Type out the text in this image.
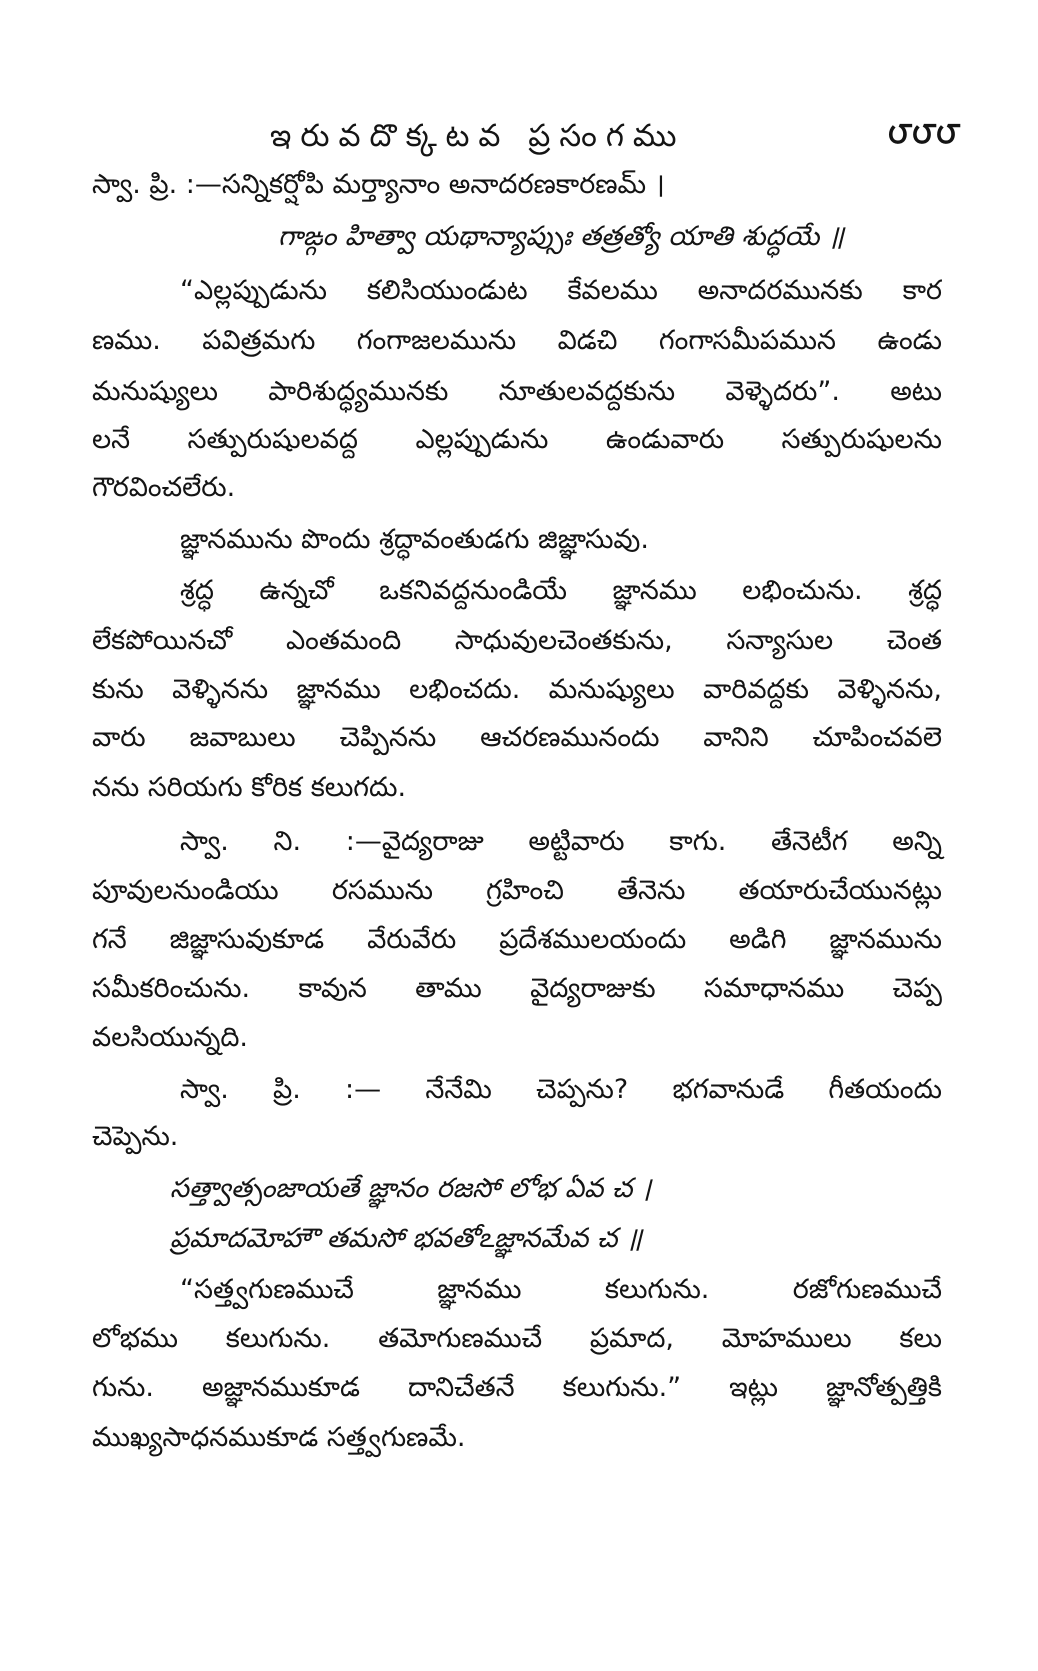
ఇరువదొక్కటవ ప్రసంగము	౮౮౮
స్వా. ప్రి. :—సన్నికర్షోపి మర్త్యానాం అనాదరణకారణమ్ ।
గాఙ్గం హిత్వా యథాన్యాప్సుః తత్రత్యో యాతి శుద్ధయే ॥
“ఎల్లప్పుడును కలిసియుండుట కేవలము అనాదరమునకు కార
ణము. పవిత్రమగు గంగాజలమును విడచి గంగాసమీపమున ఉండు
మనుష్యులు పారిశుద్ధ్యమునకు నూతులవద్దకును వెళ్ళెదరు”. అటు
లనే సత్పురుషులవద్ద ఎల్లప్పుడును ఉండువారు సత్పురుషులను
గౌరవించలేరు.
జ్ఞానమును పొందు శ్రద్ధావంతుడగు జిజ్ఞాసువు.
శ్రద్ధ ఉన్నచో ఒకనివద్దనుండియే జ్ఞానము లభించును. శ్రద్ధ
లేకపోయినచో ఎంతమంది సాధువులచెంతకును, సన్యాసుల చెంత
కును వెళ్ళినను జ్ఞానము లభించదు. మనుష్యులు వారివద్దకు వెళ్ళినను,
వారు జవాబులు చెప్పినను ఆచరణమునందు వానిని చూపించవలె
నను సరియగు కోరిక కలుగదు.
స్వా. ని. :—వైద్యరాజు అట్టివారు కాగు. తేనెటీగ అన్ని
పూవులనుండియు రసమును గ్రహించి తేనెను తయారుచేయునట్లు
గనే జిజ్ఞాసువుకూడ వేరువేరు ప్రదేశములయందు అడిగి జ్ఞానమును
సమీకరించును. కావున తాము వైద్యరాజుకు సమాధానము చెప్ప
వలసియున్నది.
స్వా. ప్రి. :— నేనేమి చెప్పను? భగవానుడే గీతయందు
చెప్పెను.
సత్త్వాత్సంజాయతే జ్ఞానం రజసో లోభ ఏవ చ ।
ప్రమాదమోహౌ తమసో భవతోఽజ్ఞానమేవ చ ॥
“సత్త్వగుణముచే జ్ఞానము కలుగును. రజోగుణముచే
లోభము కలుగును. తమోగుణముచే ప్రమాద, మోహములు కలు
గును. అజ్ఞానముకూడ దానిచేతనే కలుగును.” ఇట్లు జ్ఞానోత్పత్తికి
ముఖ్యసాధనముకూడ సత్త్వగుణమే.
